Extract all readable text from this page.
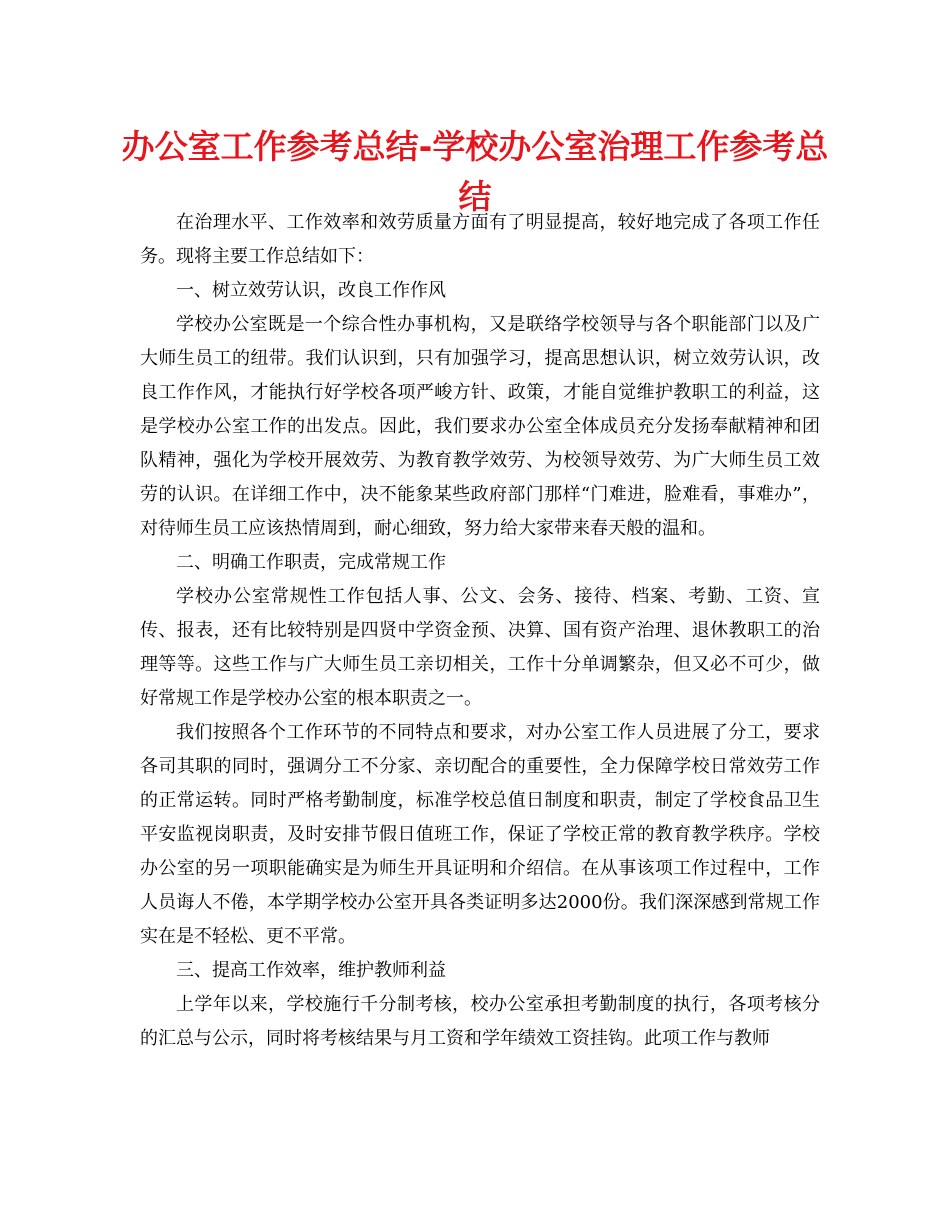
办公室工作参考总结-学校办公室治理工作参考总结

在治理水平、工作效率和效劳质量方面有了明显提高，较好地完成了各项工作任务。现将主要工作总结如下：

一、树立效劳认识，改良工作作风

学校办公室既是一个综合性办事机构，又是联络学校领导与各个职能部门以及广大师生员工的纽带。我们认识到，只有加强学习，提高思想认识，树立效劳认识，改良工作作风，才能执行好学校各项严峻方针、政策，才能自觉维护教职工的利益，这是学校办公室工作的出发点。因此，我们要求办公室全体成员充分发扬奉献精神和团队精神，强化为学校开展效劳、为教育教学效劳、为校领导效劳、为广大师生员工效劳的认识。在详细工作中，决不能象某些政府部门那样“门难进，脸难看，事难办”，对待师生员工应该热情周到，耐心细致，努力给大家带来春天般的温和。

二、明确工作职责，完成常规工作

学校办公室常规性工作包括人事、公文、会务、接待、档案、考勤、工资、宣传、报表，还有比较特别是四贤中学资金预、决算、国有资产治理、退休教职工的治理等等。这些工作与广大师生员工亲切相关，工作十分单调繁杂，但又必不可少，做好常规工作是学校办公室的根本职责之一。

我们按照各个工作环节的不同特点和要求，对办公室工作人员进展了分工，要求各司其职的同时，强调分工不分家、亲切配合的重要性，全力保障学校日常效劳工作的正常运转。同时严格考勤制度，标准学校总值日制度和职责，制定了学校食品卫生平安监视岗职责，及时安排节假日值班工作，保证了学校正常的教育教学秩序。学校办公室的另一项职能确实是为师生开具证明和介绍信。在从事该项工作过程中，工作人员诲人不倦，本学期学校办公室开具各类证明多达2000份。我们深深感到常规工作实在是不轻松、更不平常。

三、提高工作效率，维护教师利益

上学年以来，学校施行千分制考核，校办公室承担考勤制度的执行，各项考核分的汇总与公示，同时将考核结果与月工资和学年绩效工资挂钩。此项工作与教师
